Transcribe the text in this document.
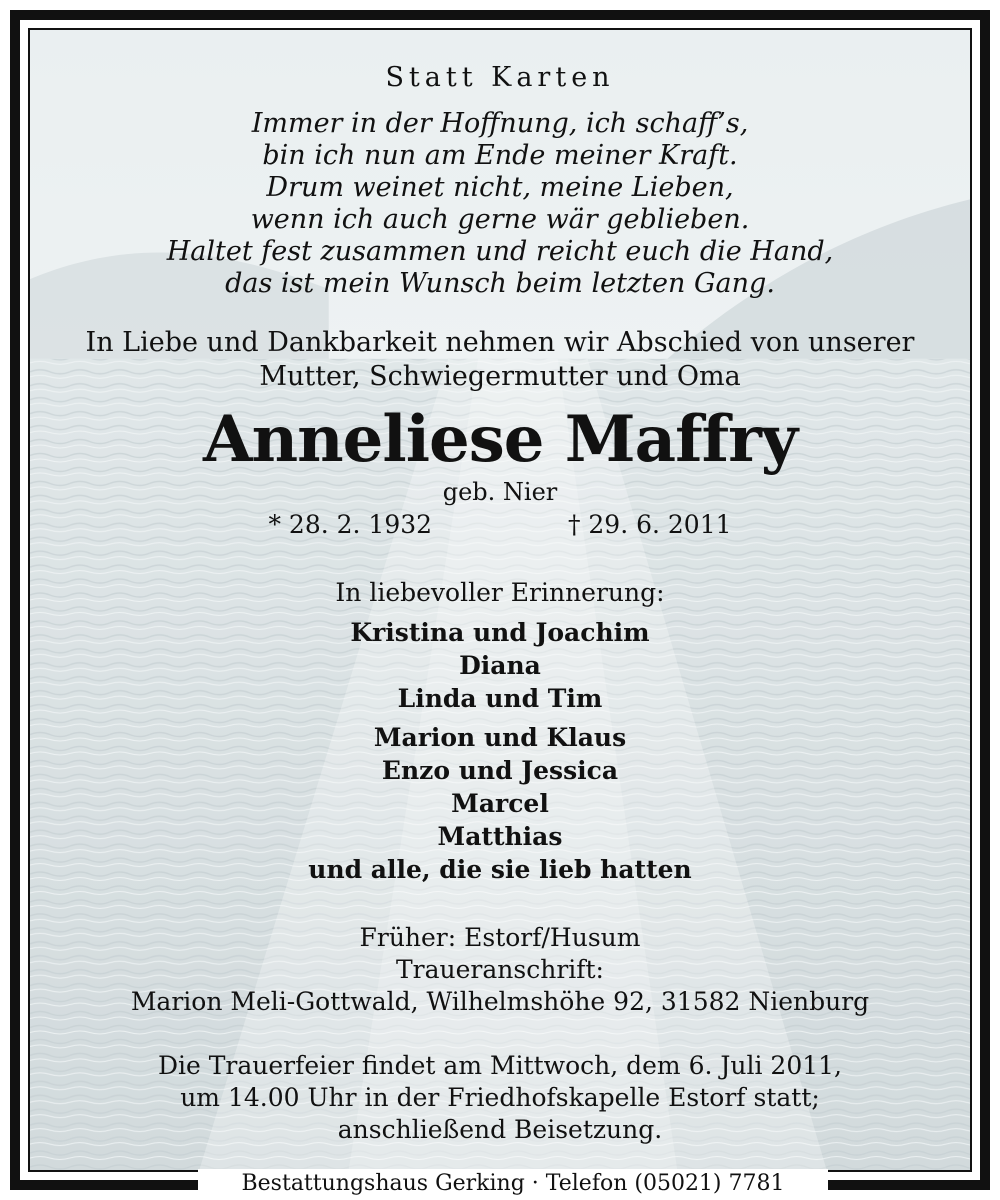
Statt Karten
Immer in der Hoffnung, ich schaff’s,
bin ich nun am Ende meiner Kraft.
Drum weinet nicht, meine Lieben,
wenn ich auch gerne wär geblieben.
Haltet fest zusammen und reicht euch die Hand,
das ist mein Wunsch beim letzten Gang.
In Liebe und Dankbarkeit nehmen wir Abschied von unserer
Mutter, Schwiegermutter und Oma
Anneliese Maffry
geb. Nier
* 28. 2. 1932	† 29. 6. 2011
In liebevoller Erinnerung:
Kristina und Joachim
Diana
Linda und Tim
Marion und Klaus
Enzo und Jessica
Marcel
Matthias
und alle, die sie lieb hatten
Früher: Estorf/Husum
Traueranschrift:
Marion Meli-Gottwald, Wilhelmshöhe 92, 31582 Nienburg
Die Trauerfeier findet am Mittwoch, dem 6. Juli 2011,
um 14.00 Uhr in der Friedhofskapelle Estorf statt;
anschließend Beisetzung.
Bestattungshaus Gerking · Telefon (05021) 7781
